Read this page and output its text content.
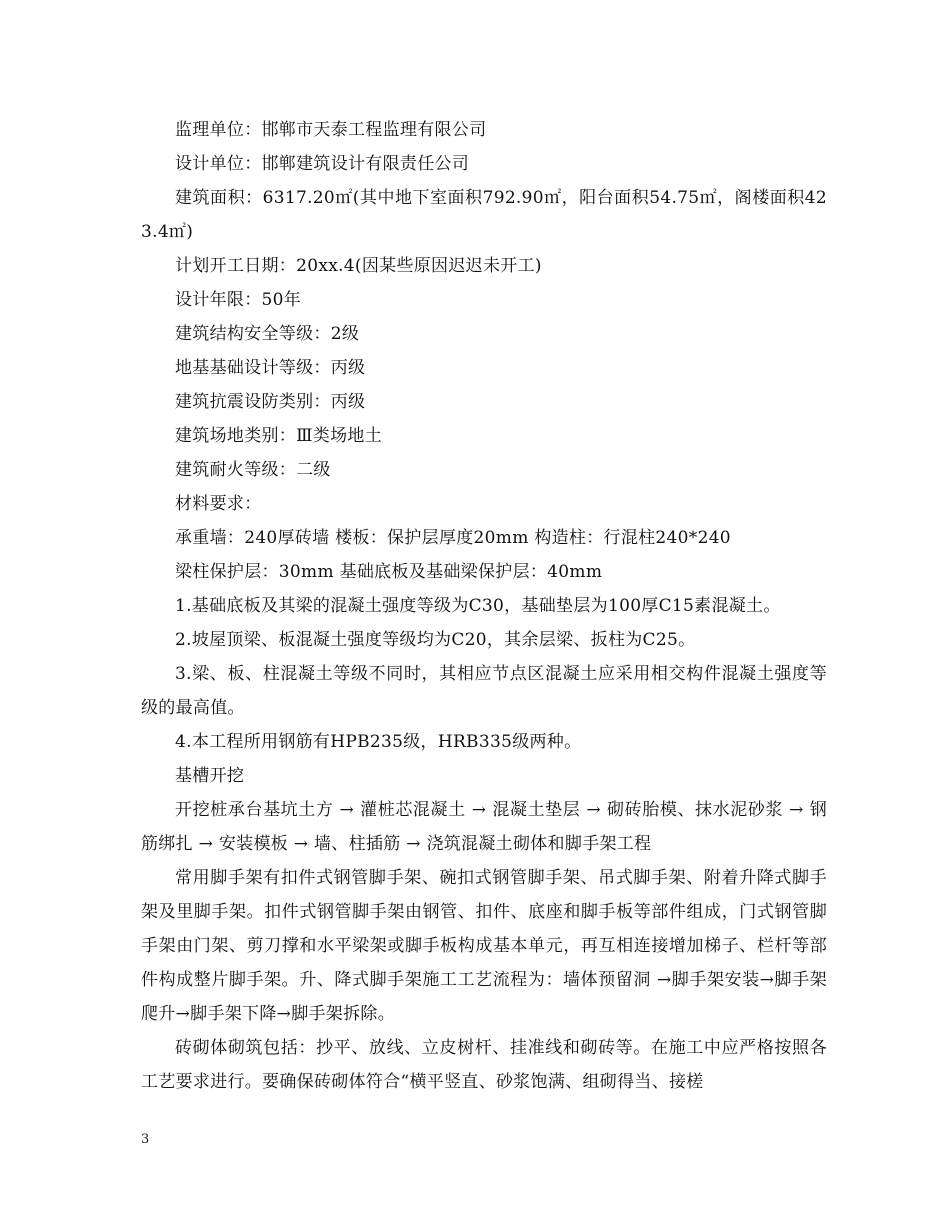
监理单位：邯郸市天泰工程监理有限公司

设计单位：邯郸建筑设计有限责任公司

建筑面积：6317.20㎡(其中地下室面积792.90㎡，阳台面积54.75㎡，阁楼面积423.4㎡)

计划开工日期：20xx.4(因某些原因迟迟未开工)

设计年限：50年

建筑结构安全等级：2级

地基基础设计等级：丙级

建筑抗震设防类别：丙级

建筑场地类别：Ⅲ类场地土

建筑耐火等级：二级

材料要求：

承重墙：240厚砖墙 楼板：保护层厚度20mm 构造柱：行混柱240*240

梁柱保护层：30mm 基础底板及基础梁保护层：40mm

1.基础底板及其梁的混凝土强度等级为C30，基础垫层为100厚C15素混凝土。

2.坡屋顶梁、板混凝土强度等级均为C20，其余层梁、扳柱为C25。

3.梁、板、柱混凝土等级不同时，其相应节点区混凝土应采用相交构件混凝土强度等级的最高值。

4.本工程所用钢筋有HPB235级，HRB335级两种。

基槽开挖

开挖桩承台基坑土方 → 灌桩芯混凝土 → 混凝土垫层 → 砌砖胎模、抹水泥砂浆 → 钢筋绑扎 → 安装模板 → 墙、柱插筋 → 浇筑混凝土砌体和脚手架工程

常用脚手架有扣件式钢管脚手架、碗扣式钢管脚手架、吊式脚手架、附着升降式脚手架及里脚手架。扣件式钢管脚手架由钢管、扣件、底座和脚手板等部件组成，门式钢管脚手架由门架、剪刀撑和水平梁架或脚手板构成基本单元，再互相连接增加梯子、栏杆等部件构成整片脚手架。升、降式脚手架施工工艺流程为：墙体预留洞 →脚手架安装→脚手架爬升→脚手架下降→脚手架拆除。

砖砌体砌筑包括：抄平、放线、立皮树杆、挂准线和砌砖等。在施工中应严格按照各工艺要求进行。要确保砖砌体符合“横平竖直、砂浆饱满、组砌得当、接槎

3
